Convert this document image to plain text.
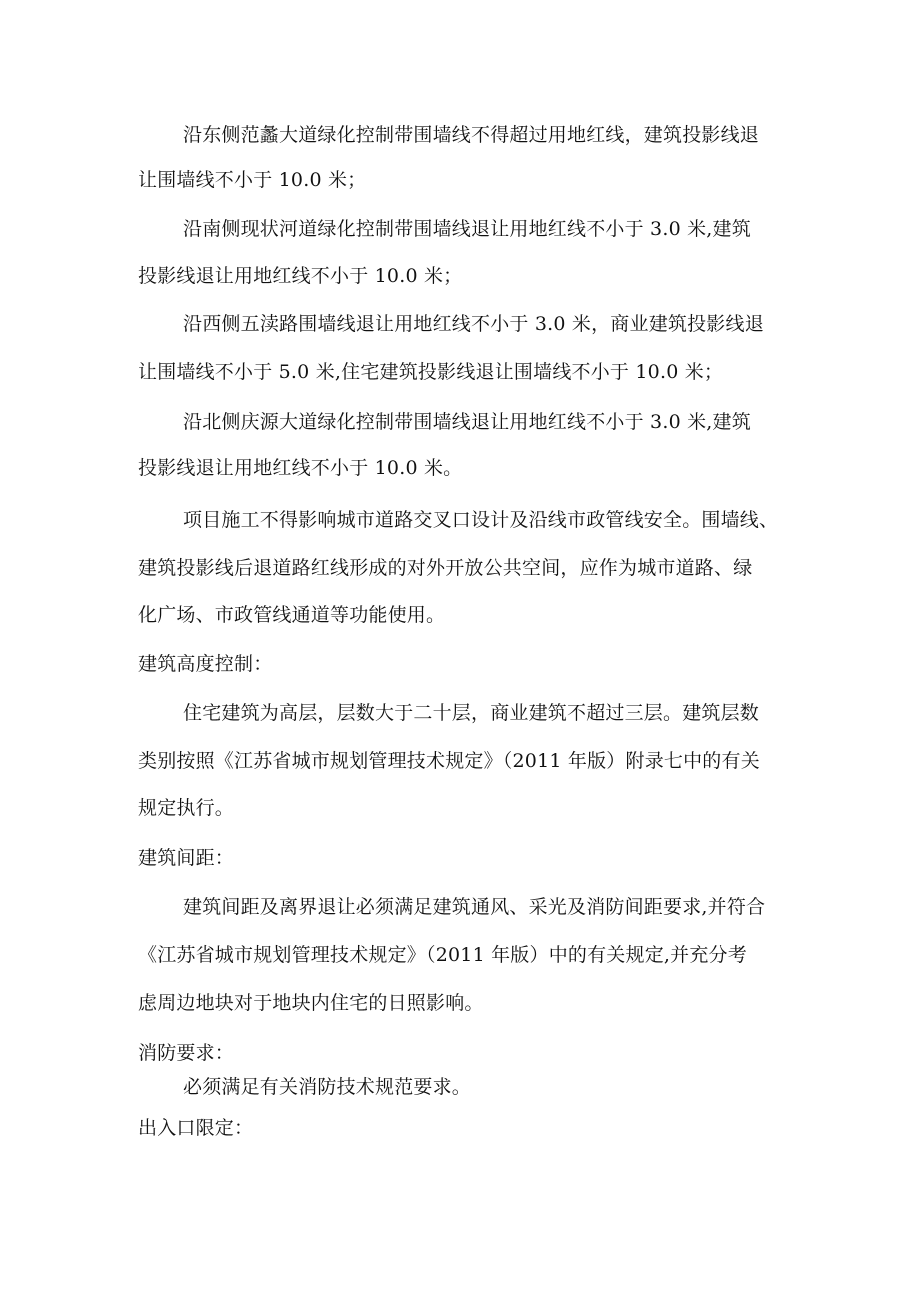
沿东侧范蠡大道绿化控制带围墙线不得超过用地红线，建筑投影线退

让围墙线不小于 10.0 米；

沿南侧现状河道绿化控制带围墙线退让用地红线不小于 3.0 米,建筑

投影线退让用地红线不小于 10.0 米；

沿西侧五渎路围墙线退让用地红线不小于 3.0 米，商业建筑投影线退

让围墙线不小于 5.0 米,住宅建筑投影线退让围墙线不小于 10.0 米；

沿北侧庆源大道绿化控制带围墙线退让用地红线不小于 3.0 米,建筑

投影线退让用地红线不小于 10.0 米。

项目施工不得影响城市道路交叉口设计及沿线市政管线安全。围墙线、

建筑投影线后退道路红线形成的对外开放公共空间，应作为城市道路、绿

化广场、市政管线通道等功能使用。

建筑高度控制：

住宅建筑为高层，层数大于二十层，商业建筑不超过三层。建筑层数

类别按照《江苏省城市规划管理技术规定》（2011 年版）附录七中的有关

规定执行。

建筑间距：

建筑间距及离界退让必须满足建筑通风、采光及消防间距要求,并符合

《江苏省城市规划管理技术规定》（2011 年版）中的有关规定,并充分考

虑周边地块对于地块内住宅的日照影响。

消防要求：

必须满足有关消防技术规范要求。

出入口限定：
